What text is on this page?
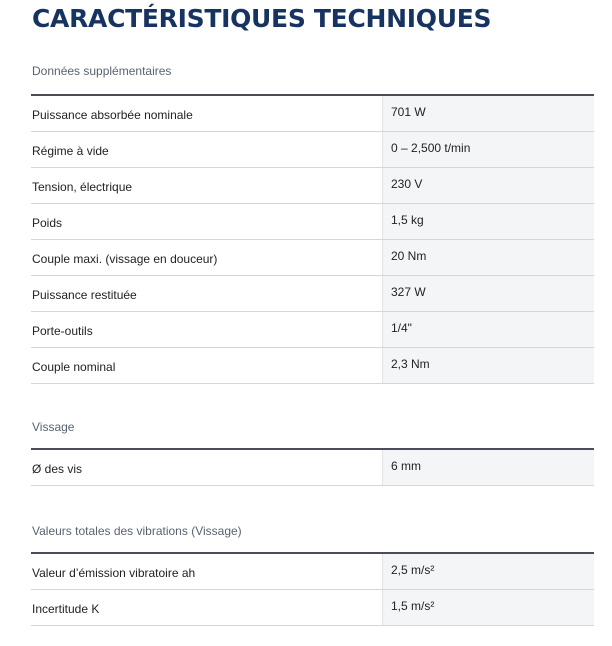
CARACTÉRISTIQUES TECHNIQUES
Données supplémentaires
Puissance absorbée nominale	701 W
Régime à vide	0 – 2,500 t/min
Tension, électrique	230 V
Poids	1,5 kg
Couple maxi. (vissage en douceur)	20 Nm
Puissance restituée	327 W
Porte-outils	1/4"
Couple nominal	2,3 Nm
Vissage
Ø des vis	6 mm
Valeurs totales des vibrations (Vissage)
Valeur d’émission vibratoire ah	2,5 m/s²
Incertitude K	1,5 m/s²
